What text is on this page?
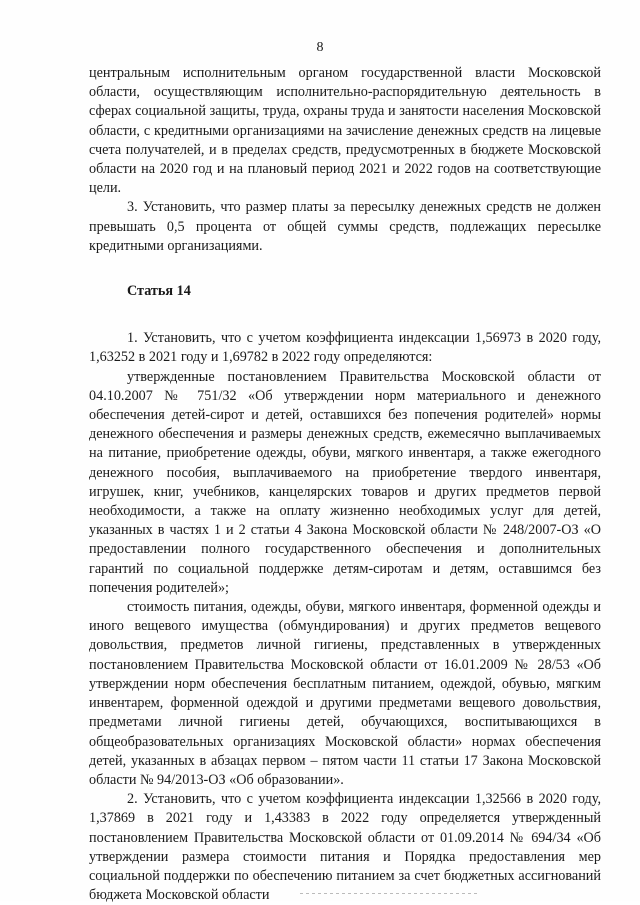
8

центральным исполнительным органом государственной власти Московской области, осуществляющим исполнительно-распорядительную деятельность в сферах социальной защиты, труда, охраны труда и занятости населения Московской области, с кредитными организациями на зачисление денежных средств на лицевые счета получателей, и в пределах средств, предусмотренных в бюджете Московской области на 2020 год и на плановый период 2021 и 2022 годов на соответствующие цели.

3. Установить, что размер платы за пересылку денежных средств не должен превышать 0,5 процента от общей суммы средств, подлежащих пересылке кредитными организациями.

Статья 14

1. Установить, что с учетом коэффициента индексации 1,56973 в 2020 году, 1,63252 в 2021 году и 1,69782 в 2022 году определяются:

утвержденные постановлением Правительства Московской области от 04.10.2007 № 751/32 «Об утверждении норм материального и денежного обеспечения детей-сирот и детей, оставшихся без попечения родителей» нормы денежного обеспечения и размеры денежных средств, ежемесячно выплачиваемых на питание, приобретение одежды, обуви, мягкого инвентаря, а также ежегодного денежного пособия, выплачиваемого на приобретение твердого инвентаря, игрушек, книг, учебников, канцелярских товаров и других предметов первой необходимости, а также на оплату жизненно необходимых услуг для детей, указанных в частях 1 и 2 статьи 4 Закона Московской области № 248/2007-ОЗ «О предоставлении полного государственного обеспечения и дополнительных гарантий по социальной поддержке детям-сиротам и детям, оставшимся без попечения родителей»;

стоимость питания, одежды, обуви, мягкого инвентаря, форменной одежды и иного вещевого имущества (обмундирования) и других предметов вещевого довольствия, предметов личной гигиены, представленных в утвержденных постановлением Правительства Московской области от 16.01.2009 № 28/53 «Об утверждении норм обеспечения бесплатным питанием, одеждой, обувью, мягким инвентарем, форменной одеждой и другими предметами вещевого довольствия, предметами личной гигиены детей, обучающихся, воспитывающихся в общеобразовательных организациях Московской области» нормах обеспечения детей, указанных в абзацах первом – пятом части 11 статьи 17 Закона Московской области № 94/2013-ОЗ «Об образовании».

2. Установить, что с учетом коэффициента индексации 1,32566 в 2020 году, 1,37869 в 2021 году и 1,43383 в 2022 году определяется утвержденный постановлением Правительства Московской области от 01.09.2014 № 694/34 «Об утверждении размера стоимости питания и Порядка предоставления мер социальной поддержки по обеспечению питанием за счет бюджетных ассигнований бюджета Московской области
